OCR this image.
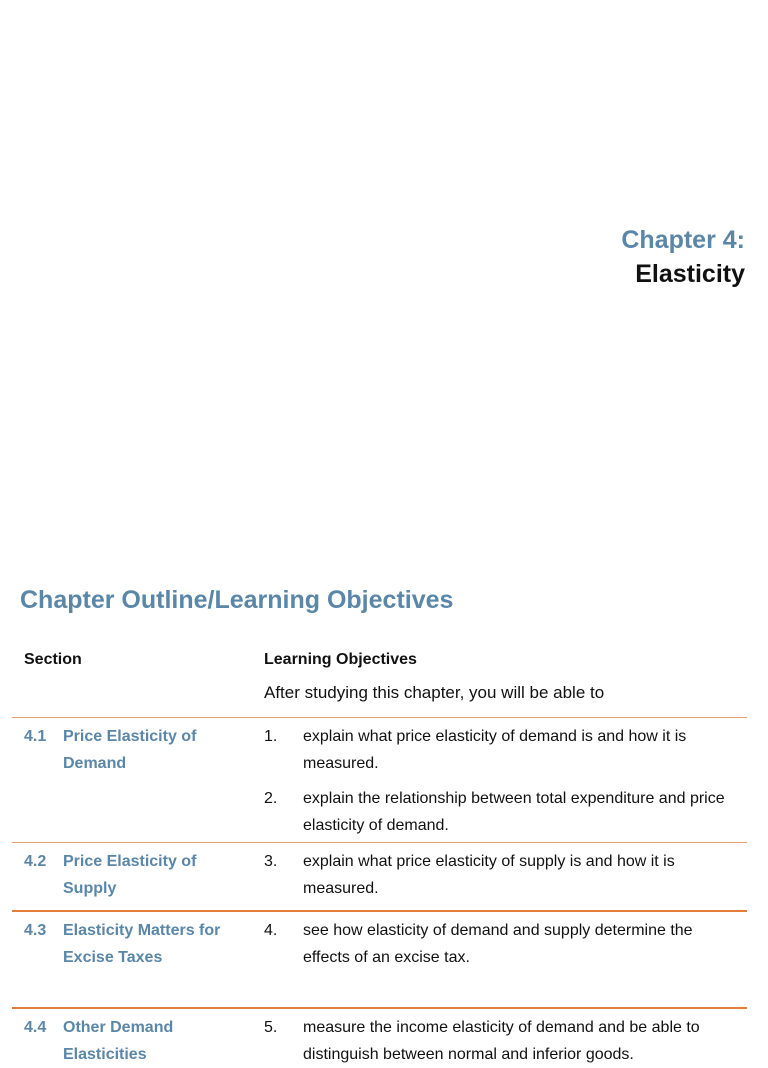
Chapter 4:
Elasticity
Chapter Outline/Learning Objectives
Section	Learning Objectives
After studying this chapter, you will be able to
4.1 Price Elasticity of Demand
1. explain what price elasticity of demand is and how it is measured.
2. explain the relationship between total expenditure and price elasticity of demand.
4.2 Price Elasticity of Supply
3. explain what price elasticity of supply is and how it is measured.
4.3 Elasticity Matters for Excise Taxes
4. see how elasticity of demand and supply determine the effects of an excise tax.
4.4 Other Demand Elasticities
5. measure the income elasticity of demand and be able to distinguish between normal and inferior goods.
